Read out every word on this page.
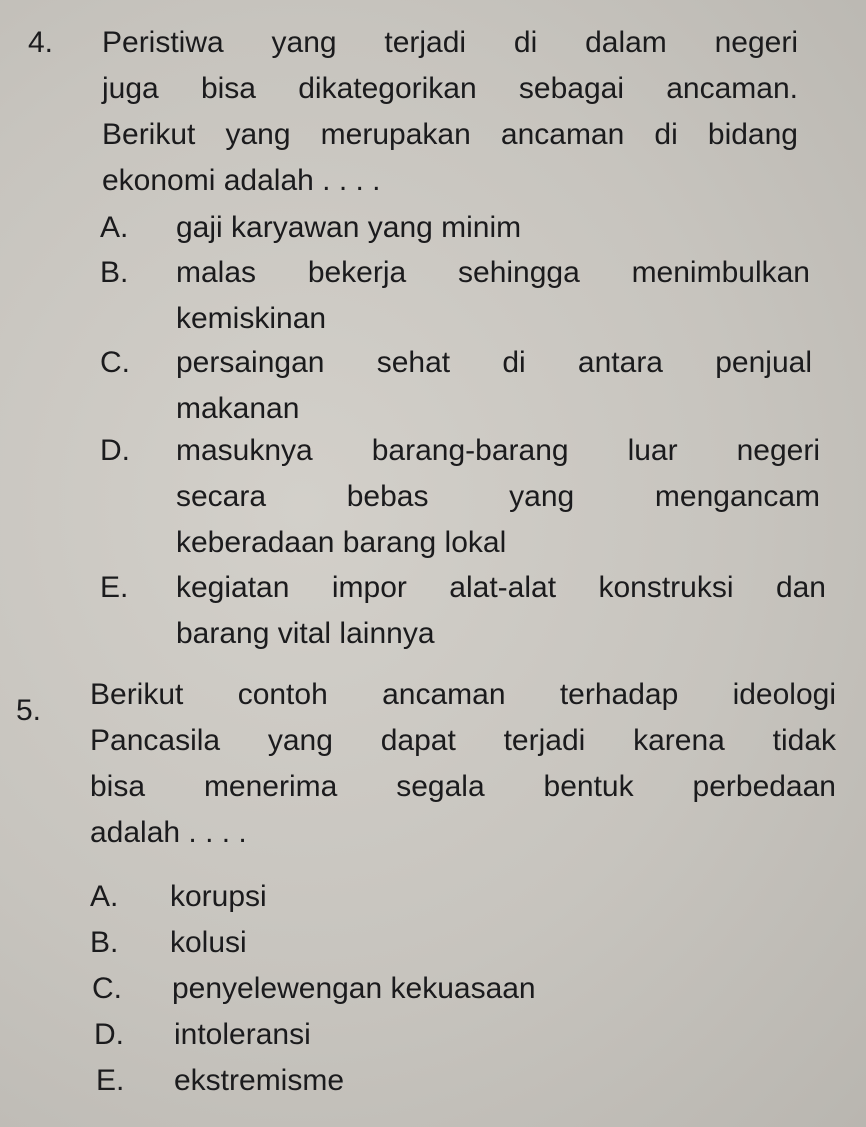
4. Peristiwa yang terjadi di dalam negeri
juga bisa dikategorikan sebagai ancaman.
Berikut yang merupakan ancaman di bidang
ekonomi adalah . . . .
A. gaji karyawan yang minim
B. malas bekerja sehingga menimbulkan
kemiskinan
C. persaingan sehat di antara penjual
makanan
D. masuknya barang-barang luar negeri
secara bebas yang mengancam
keberadaan barang lokal
E. kegiatan impor alat-alat konstruksi dan
barang vital lainnya
5. Berikut contoh ancaman terhadap ideologi
Pancasila yang dapat terjadi karena tidak
bisa menerima segala bentuk perbedaan
adalah . . . .
A. korupsi
B. kolusi
C. penyelewengan kekuasaan
D. intoleransi
E. ekstremisme
